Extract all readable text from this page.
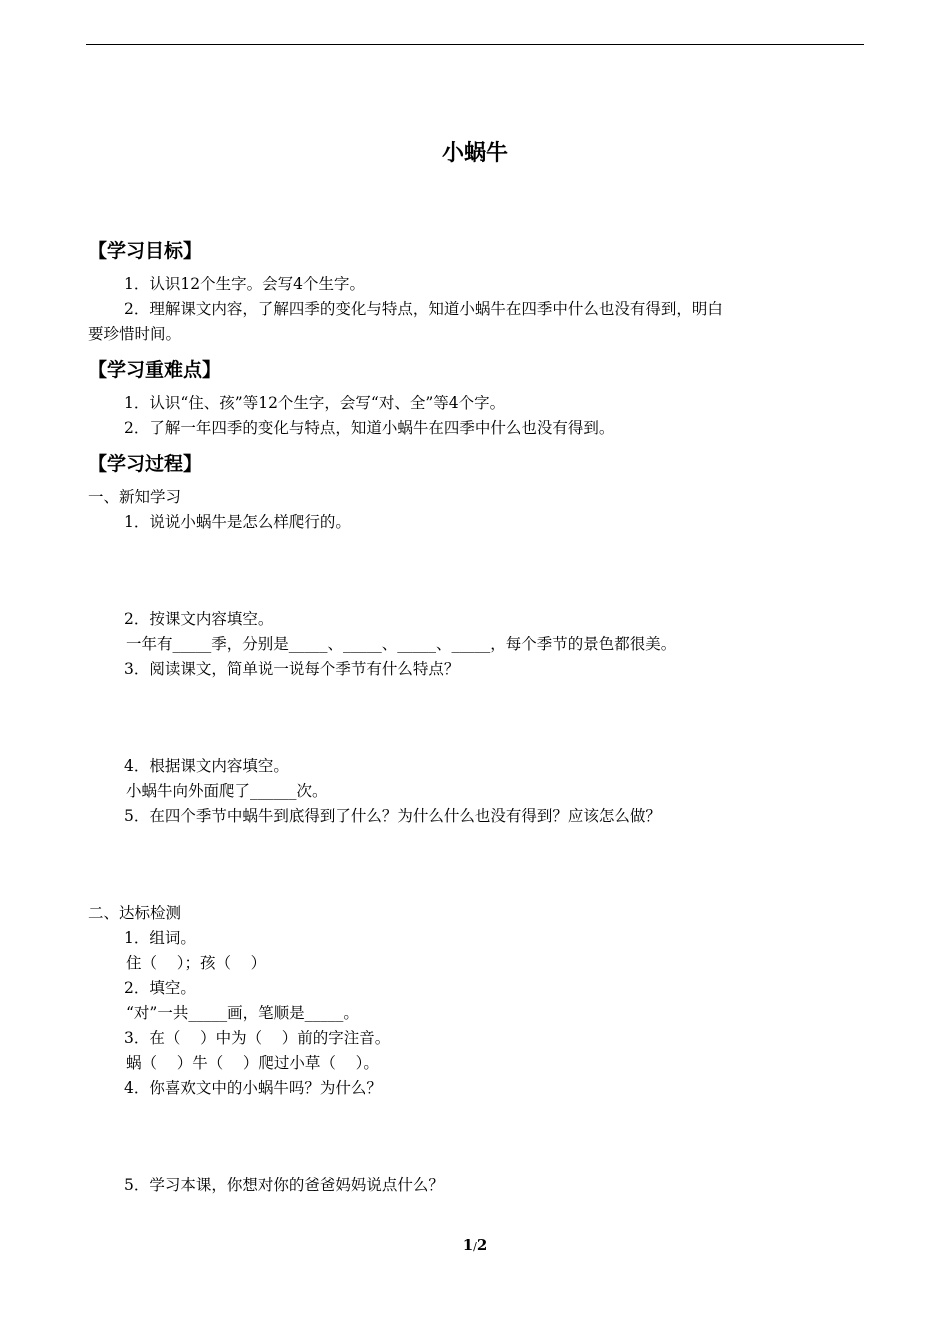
小蜗牛
【学习目标】
1．认识12个生字。会写4个生字。
2．理解课文内容，了解四季的变化与特点，知道小蜗牛在四季中什么也没有得到，明白
要珍惜时间。
【学习重难点】
1．认识“住、孩”等12个生字，会写“对、全”等4个字。
2．了解一年四季的变化与特点，知道小蜗牛在四季中什么也没有得到。
【学习过程】
一、新知学习
1．说说小蜗牛是怎么样爬行的。
2．按课文内容填空。
一年有_____季，分别是_____、_____、_____、_____，每个季节的景色都很美。
3．阅读课文，简单说一说每个季节有什么特点？
4．根据课文内容填空。
小蜗牛向外面爬了______次。
5．在四个季节中蜗牛到底得到了什么？为什么什么也没有得到？应该怎么做？
二、达标检测
1．组词。
住（    ）；孩（    ）
2．填空。
“对”一共_____画，笔顺是_____。
3．在（    ）中为（    ）前的字注音。
蜗（    ）牛（    ）爬过小草（    ）。
4．你喜欢文中的小蜗牛吗？为什么？
5．学习本课，你想对你的爸爸妈妈说点什么？
1/2
